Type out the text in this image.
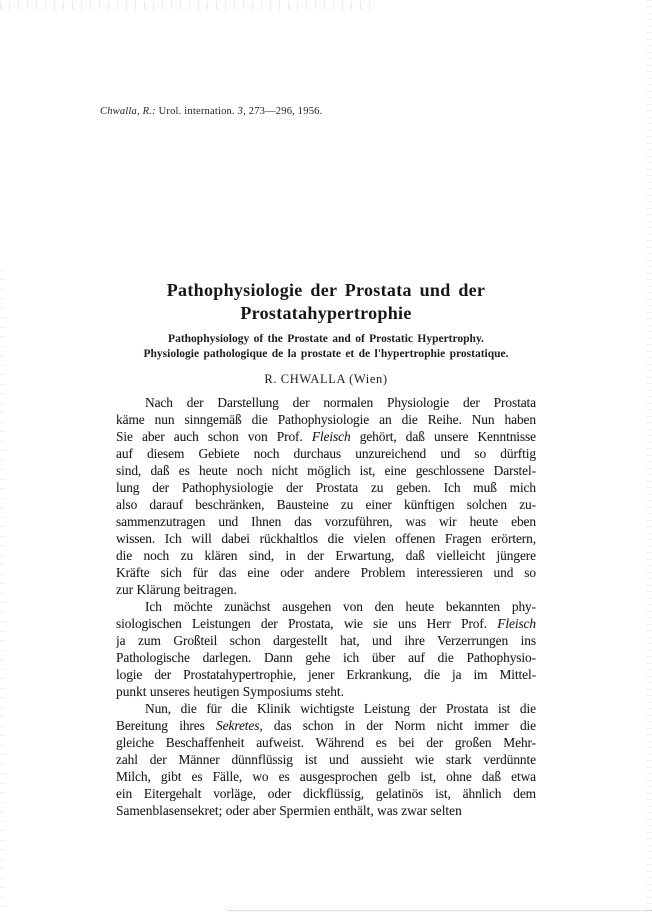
Chwalla, R.: Urol. internation. 3, 273—296, 1956.
Pathophysiologie der Prostata und der
Prostatahypertrophie
Pathophysiology of the Prostate and of Prostatic Hypertrophy.
Physiologie pathologique de la prostate et de l'hypertrophie prostatique.
R. CHWALLA (Wien)
Nach der Darstellung der normalen Physiologie der Prostata
käme nun sinngemäß die Pathophysiologie an die Reihe. Nun haben
Sie aber auch schon von Prof. Fleisch gehört, daß unsere Kenntnisse
auf diesem Gebiete noch durchaus unzureichend und so dürftig
sind, daß es heute noch nicht möglich ist, eine geschlossene Darstel-
lung der Pathophysiologie der Prostata zu geben. Ich muß mich
also darauf beschränken, Bausteine zu einer künftigen solchen zu-
sammenzutragen und Ihnen das vorzuführen, was wir heute eben
wissen. Ich will dabei rückhaltlos die vielen offenen Fragen erörtern,
die noch zu klären sind, in der Erwartung, daß vielleicht jüngere
Kräfte sich für das eine oder andere Problem interessieren und so
zur Klärung beitragen.
Ich möchte zunächst ausgehen von den heute bekannten phy-
siologischen Leistungen der Prostata, wie sie uns Herr Prof. Fleisch
ja zum Großteil schon dargestellt hat, und ihre Verzerrungen ins
Pathologische darlegen. Dann gehe ich über auf die Pathophysio-
logie der Prostatahypertrophie, jener Erkrankung, die ja im Mittel-
punkt unseres heutigen Symposiums steht.
Nun, die für die Klinik wichtigste Leistung der Prostata ist die
Bereitung ihres Sekretes, das schon in der Norm nicht immer die
gleiche Beschaffenheit aufweist. Während es bei der großen Mehr-
zahl der Männer dünnflüssig ist und aussieht wie stark verdünnte
Milch, gibt es Fälle, wo es ausgesprochen gelb ist, ohne daß etwa
ein Eitergehalt vorläge, oder dickflüssig, gelatinös ist, ähnlich dem
Samenblasensekret; oder aber Spermien enthält, was zwar selten
